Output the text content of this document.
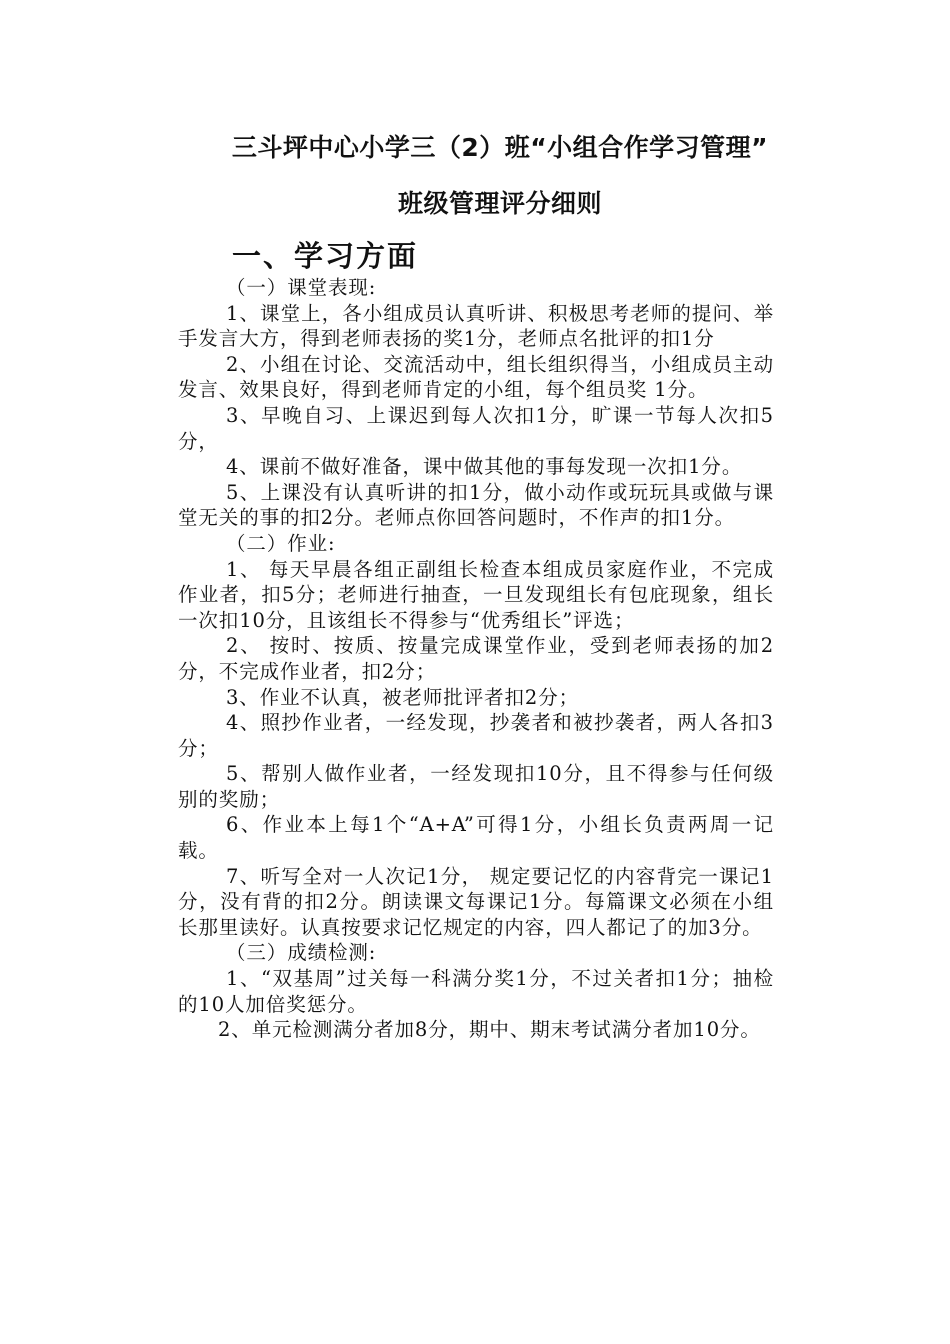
三斗坪中心小学三（2）班“小组合作学习管理”
班级管理评分细则
一、学习方面

（一）课堂表现:

1、课堂上，各小组成员认真听讲、积极思考老师的提问、举手发言大方，得到老师表扬的奖1分，老师点名批评的扣1分

2、小组在讨论、交流活动中，组长组织得当，小组成员主动发言、效果良好，得到老师肯定的小组，每个组员奖 1分。

3、早晚自习、上课迟到每人次扣1分，旷课一节每人次扣5分，

4、课前不做好准备，课中做其他的事每发现一次扣1分。

5、上课没有认真听讲的扣1分，做小动作或玩玩具或做与课堂无关的事的扣2分。老师点你回答问题时，不作声的扣1分。

（二）作业:

1、 每天早晨各组正副组长检查本组成员家庭作业，不完成作业者，扣5分；老师进行抽查，一旦发现组长有包庇现象，组长一次扣10分，且该组长不得参与“优秀组长”评选；

2、 按时、按质、按量完成课堂作业，受到老师表扬的加2分，不完成作业者，扣2分；

3、作业不认真，被老师批评者扣2分；

4、照抄作业者，一经发现，抄袭者和被抄袭者，两人各扣3分；

5、帮别人做作业者，一经发现扣10分，且不得参与任何级别的奖励；

6、作业本上每1个“A+A”可得1分，小组长负责两周一记载。

7、听写全对一人次记1分， 规定要记忆的内容背完一课记1分，没有背的扣2分。朗读课文每课记1分。每篇课文必须在小组长那里读好。认真按要求记忆规定的内容，四人都记了的加3分。

（三）成绩检测:

1、“双基周”过关每一科满分奖1分，不过关者扣1分；抽检的10人加倍奖惩分。

2、单元检测满分者加8分，期中、期末考试满分者加10分。
